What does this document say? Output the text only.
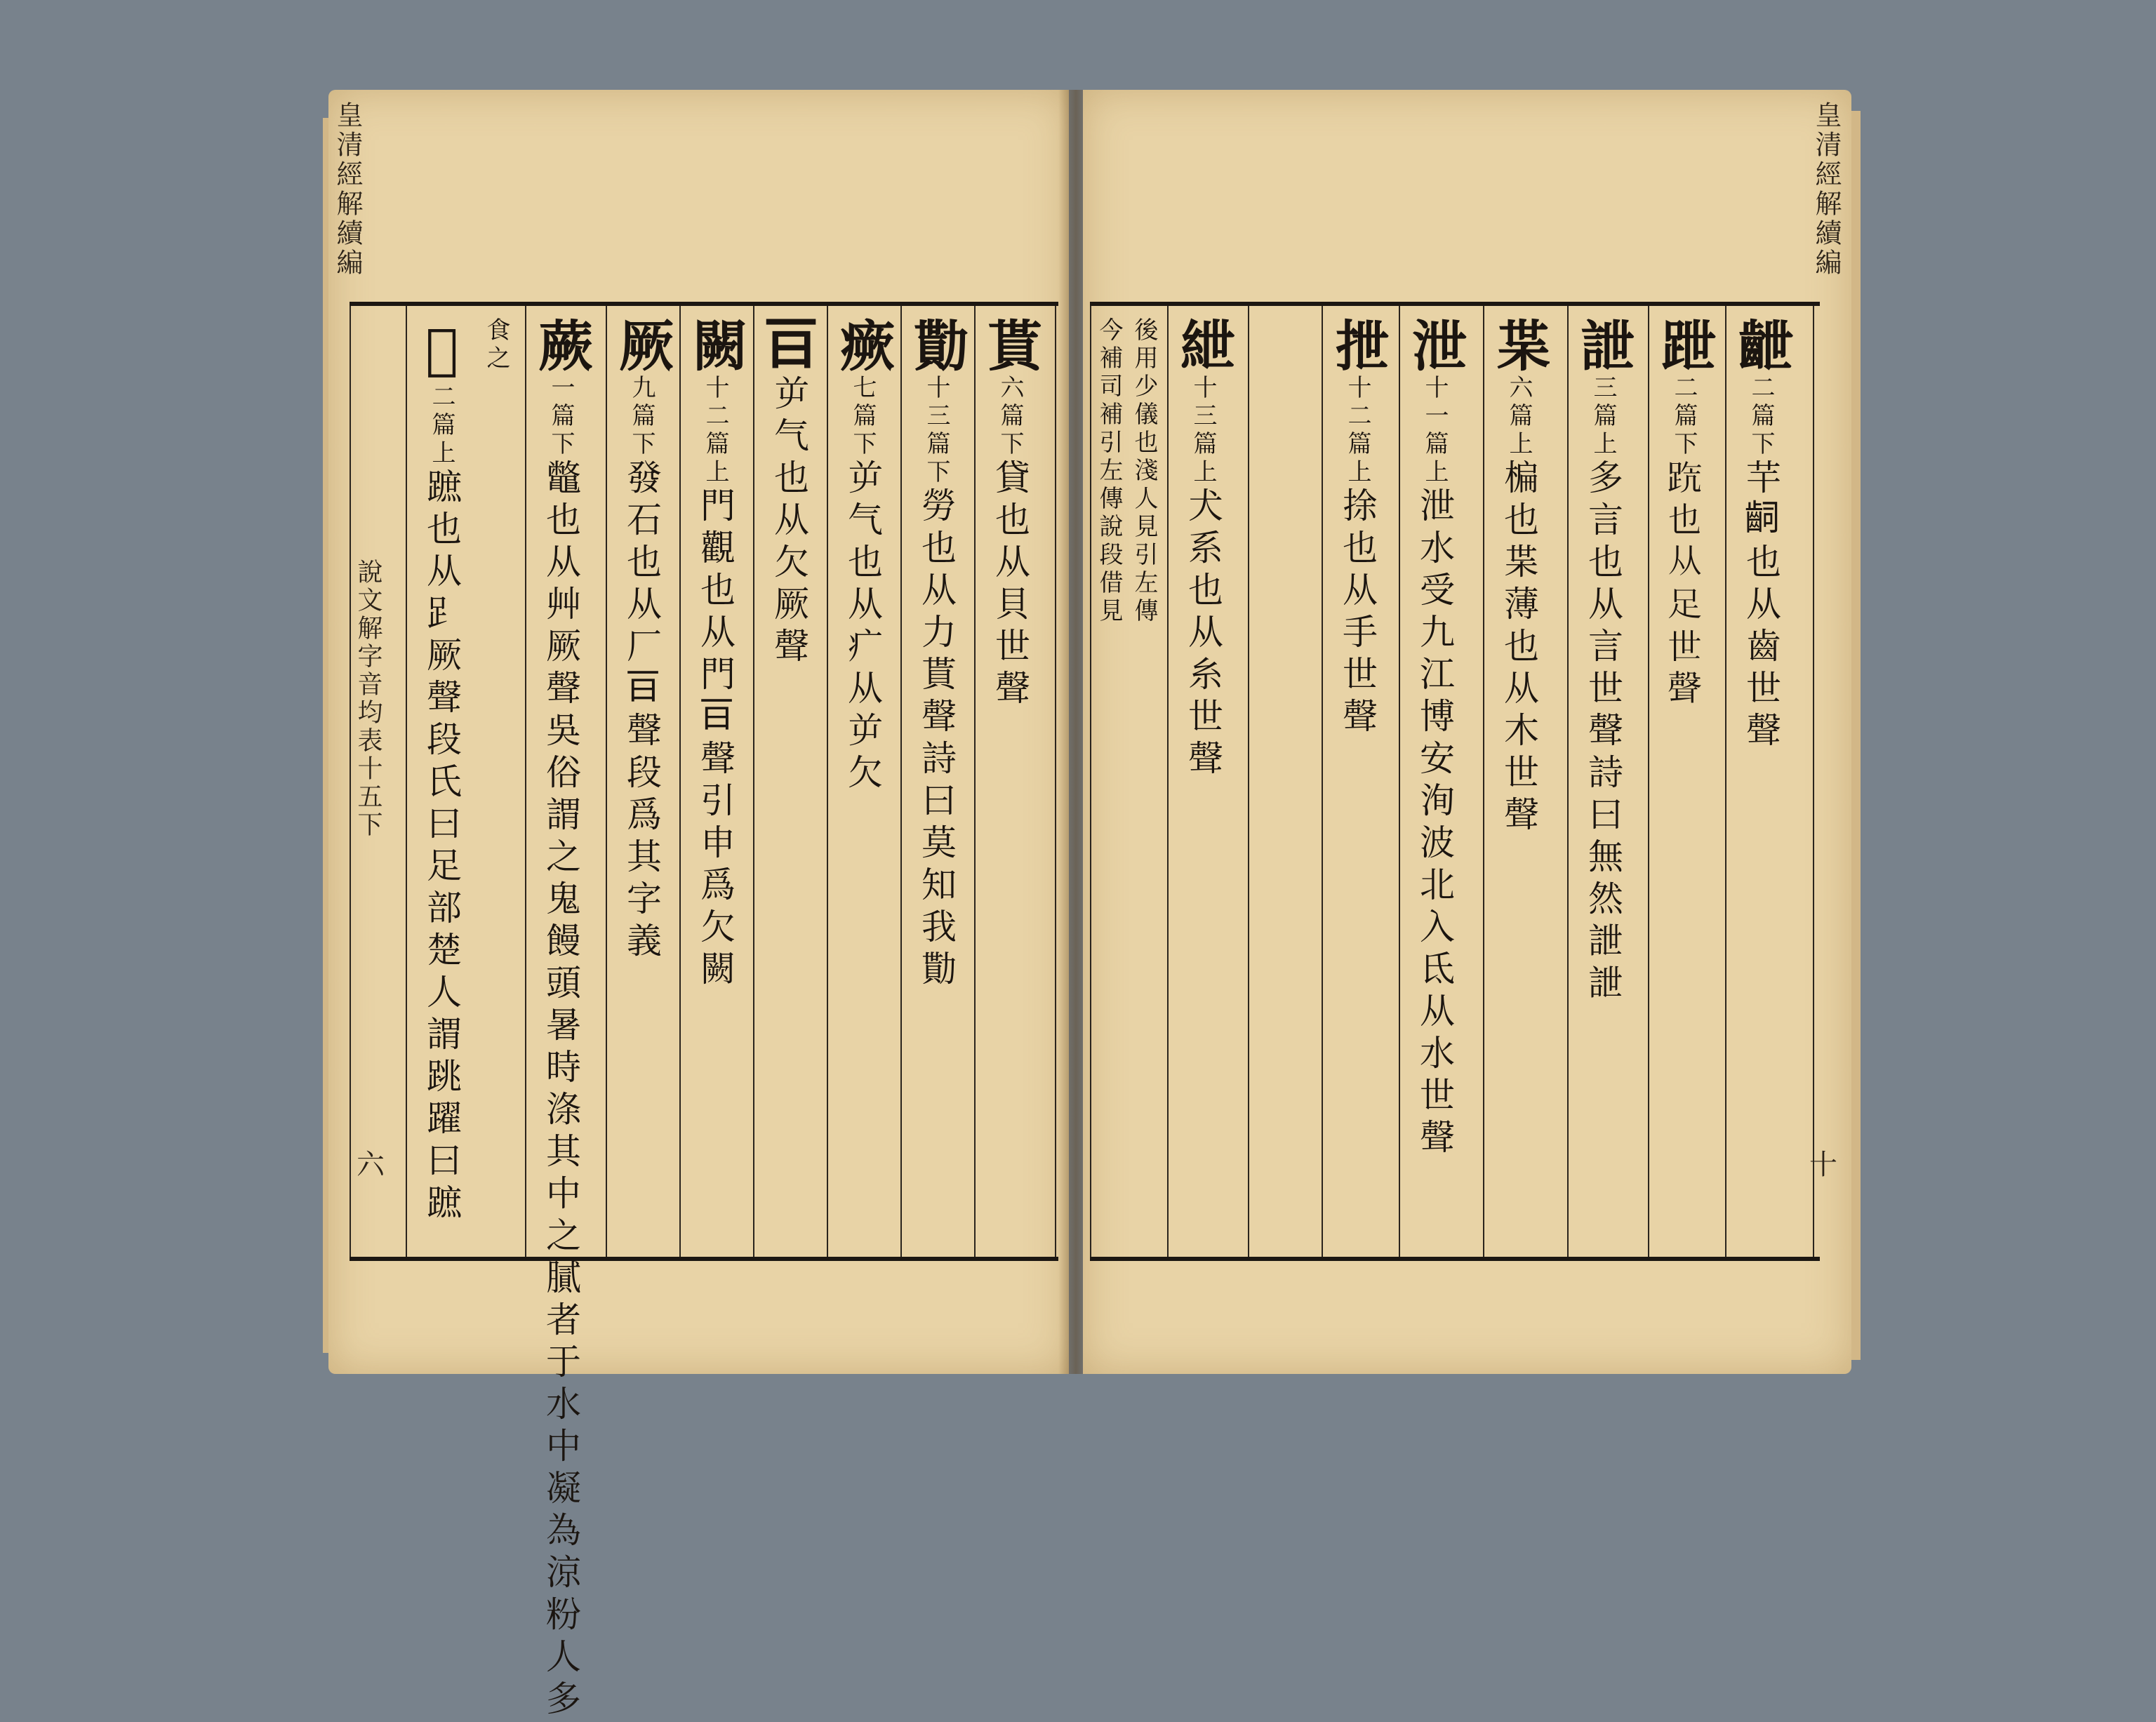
皇清經解續編
說文解字音均表十五下
𨆀二篇上蹠也从𧾷厥聲段氏曰足部楚人謂跳躍曰蹠
食之 蕨一篇下鼈也从艸厥聲吳俗謂之鬼饅頭暑時涤其中之膩者于水中凝為涼粉人多
厥九篇下發石也从厂𣄼聲段爲其字義
闕十二篇上門觀也从門𣄼聲引申爲欠闕
𣄼屰气也从欠厥聲
瘚七篇下屰气也从疒从屰欠
勩十三篇下勞也从力貰聲詩曰莫知我勩
貰六篇下貸也从貝世聲
六
今補司補引左傳說段借見 後用少儀也淺人見引左傳 紲十三篇上犬系也从糸世聲
抴十二篇上捈也从手世聲
泄十一篇上泄水受九江博安洵波北入氐从水世聲
枼六篇上楄也枼薄也从木世聲
詍三篇上多言也从言世聲詩曰無然詍詍
跇二篇下𨀫也从足世聲
齛二篇下芉𪗪也从齒世聲
皇清經解續編
十
